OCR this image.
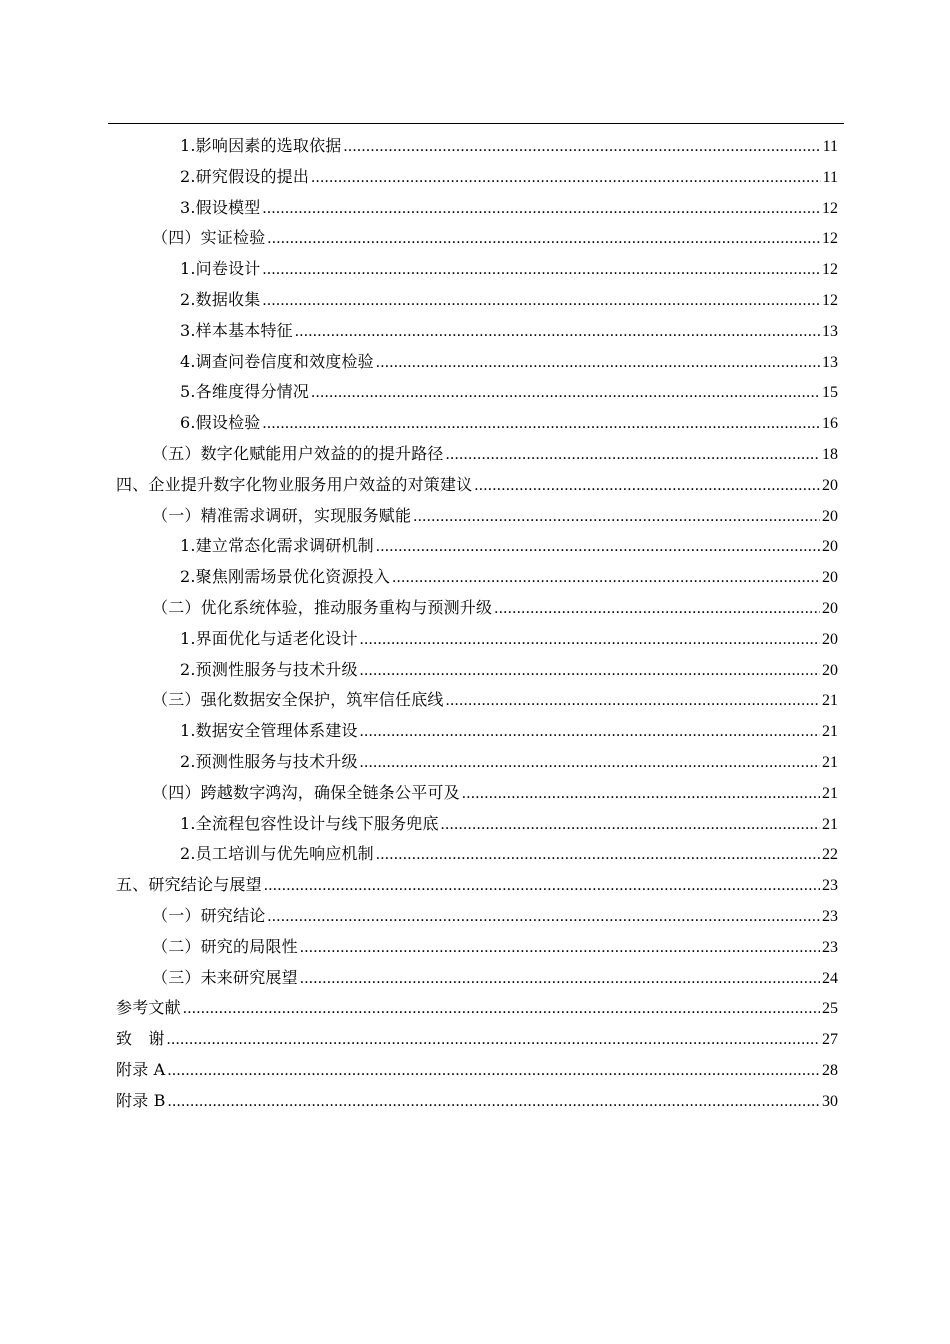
1.影响因素的选取依据 .....	11
2.研究假设的提出 .....	11
3.假设模型 .....	12
（四）实证检验 .....	12
1.问卷设计 .....	12
2.数据收集 .....	12
3.样本基本特征 .....	13
4.调查问卷信度和效度检验 .....	13
5.各维度得分情况 .....	15
6.假设检验 .....	16
（五）数字化赋能用户效益的的提升路径 .....	18
四、企业提升数字化物业服务用户效益的对策建议 .....	20
（一）精准需求调研，实现服务赋能 .....	20
1.建立常态化需求调研机制 .....	20
2.聚焦刚需场景优化资源投入 .....	20
（二）优化系统体验，推动服务重构与预测升级 .....	20
1.界面优化与适老化设计 .....	20
2.预测性服务与技术升级 .....	20
（三）强化数据安全保护，筑牢信任底线 .....	21
1.数据安全管理体系建设 .....	21
2.预测性服务与技术升级 .....	21
（四）跨越数字鸿沟，确保全链条公平可及 .....	21
1.全流程包容性设计与线下服务兜底 .....	21
2.员工培训与优先响应机制 .....	22
五、研究结论与展望 .....	23
（一）研究结论 .....	23
（二）研究的局限性 .....	23
（三）未来研究展望 .....	24
参考文献 .....	25
致　谢 .....	27
附录 A .....	28
附录 B .....	30
